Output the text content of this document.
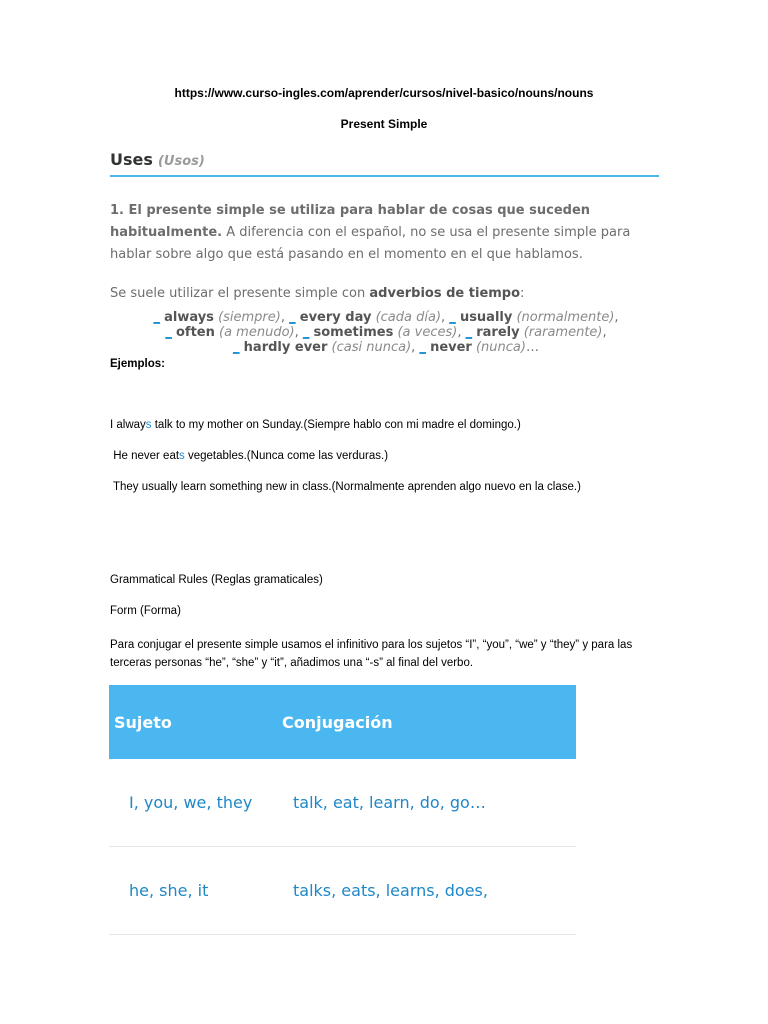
https://www.curso-ingles.com/aprender/cursos/nivel-basico/nouns/nouns
Present Simple
Uses (Usos)
1. El presente simple se utiliza para hablar de cosas que suceden habitualmente. A diferencia con el español, no se usa el presente simple para hablar sobre algo que está pasando en el momento en el que hablamos.
Se suele utilizar el presente simple con adverbios de tiempo:
_ always (siempre), _ every day (cada día), _ usually (normalmente),
_ often (a menudo), _ sometimes (a veces), _ rarely (raramente),
_ hardly ever (casi nunca), _ never (nunca)…
Ejemplos:
I always talk to my mother on Sunday.(Siempre hablo con mi madre el domingo.)
He never eats vegetables.(Nunca come las verduras.)
They usually learn something new in class.(Normalmente aprenden algo nuevo en la clase.)
Grammatical Rules (Reglas gramaticales)
Form (Forma)
Para conjugar el presente simple usamos el infinitivo para los sujetos “I”, “you”, “we” y “they” y para las terceras personas “he”, “she” y “it”, añadimos una “-s” al final del verbo.
Sujeto	Conjugación
I, you, we, they	talk, eat, learn, do, go…
he, she, it	talks, eats, learns, does,
